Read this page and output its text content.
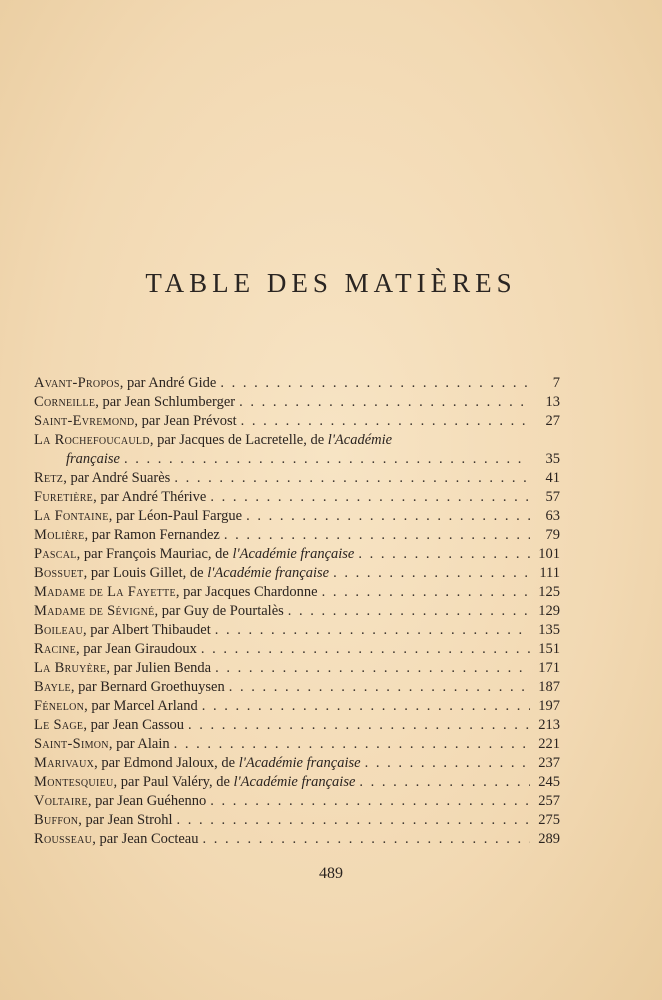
TABLE DES MATIÈRES
Avant-Propos, par André Gide . . .	7
Corneille, par Jean Schlumberger . . .	13
Saint-Evremond, par Jean Prévost . . .	27
La Rochefoucauld, par Jacques de Lacretelle, de l'Académie
française . . .	35
Retz, par André Suarès . . .	41
Furetière, par André Thérive . . .	57
La Fontaine, par Léon-Paul Fargue . . .	63
Molière, par Ramon Fernandez . . .	79
Pascal, par François Mauriac, de l'Académie française . . .	101
Bossuet, par Louis Gillet, de l'Académie française . . .	111
Madame de La Fayette, par Jacques Chardonne . . .	125
Madame de Sévigné, par Guy de Pourtalès . . .	129
Boileau, par Albert Thibaudet . . .	135
Racine, par Jean Giraudoux . . .	151
La Bruyère, par Julien Benda . . .	171
Bayle, par Bernard Groethuysen . . .	187
Fénelon, par Marcel Arland . . .	197
Le Sage, par Jean Cassou . . .	213
Saint-Simon, par Alain . . .	221
Marivaux, par Edmond Jaloux, de l'Académie française . . .	237
Montesquieu, par Paul Valéry, de l'Académie française . . .	245
Voltaire, par Jean Guéhenno . . .	257
Buffon, par Jean Strohl . . .	275
Rousseau, par Jean Cocteau . . .	289
489
